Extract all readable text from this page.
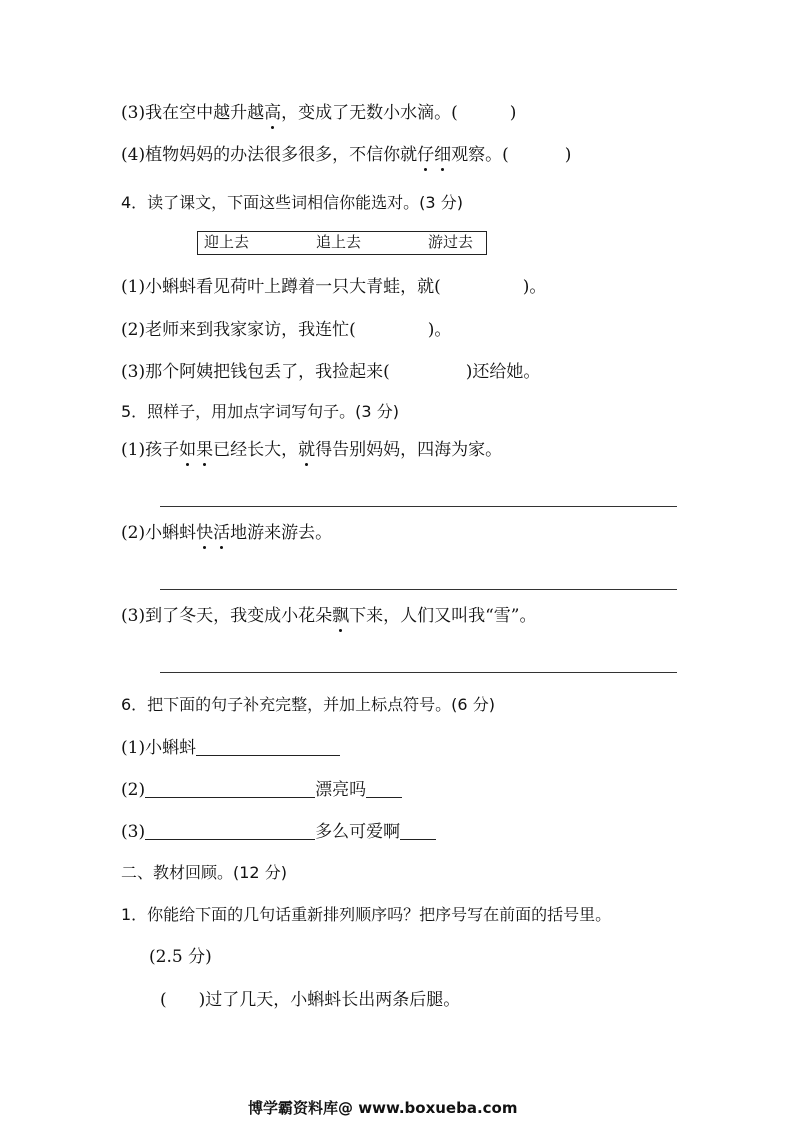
(3)我在空中越升越高，变成了无数小水滴。(	)
(4)植物妈妈的办法很多很多，不信你就仔细观察。(	)
4．读了课文，下面这些词相信你能选对。(3 分)
迎上去	追上去	游过去
(1)小蝌蚪看见荷叶上蹲着一只大青蛙，就(	)。
(2)老师来到我家家访，我连忙(	)。
(3)那个阿姨把钱包丢了，我捡起来(	)还给她。
5．照样子，用加点字词写句子。(3 分)
(1)孩子如果已经长大，就得告别妈妈，四海为家。
(2)小蝌蚪快活地游来游去。
(3)到了冬天，我变成小花朵飘下来，人们又叫我“雪”。
6．把下面的句子补充完整，并加上标点符号。(6 分)
(1)小蝌蚪
(2)	漂亮吗
(3)	多么可爱啊
二、教材回顾。(12 分)
1．你能给下面的几句话重新排列顺序吗？把序号写在前面的括号里。
(2.5 分)
( )过了几天，小蝌蚪长出两条后腿。
博学霸资料库@ www.boxueba.com
